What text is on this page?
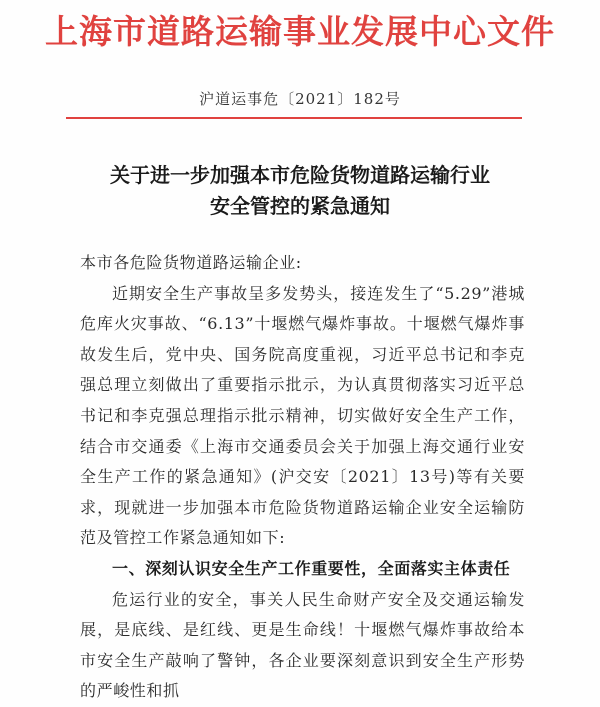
上海市道路运输事业发展中心文件
沪道运事危〔2021〕182号
关于进一步加强本市危险货物道路运输行业
安全管控的紧急通知

本市各危险货物道路运输企业:

近期安全生产事故呈多发势头，接连发生了“5.29”港城危库火灾事故、“6.13”十堰燃气爆炸事故。十堰燃气爆炸事故发生后，党中央、国务院高度重视，习近平总书记和李克强总理立刻做出了重要指示批示，为认真贯彻落实习近平总书记和李克强总理指示批示精神，切实做好安全生产工作，结合市交通委《上海市交通委员会关于加强上海交通行业安全生产工作的紧急通知》(沪交安〔2021〕13号)等有关要求，现就进一步加强本市危险货物道路运输企业安全运输防范及管控工作紧急通知如下:

一、深刻认识安全生产工作重要性，全面落实主体责任

危运行业的安全，事关人民生命财产安全及交通运输发展，是底线、是红线、更是生命线！十堰燃气爆炸事故给本市安全生产敲响了警钟，各企业要深刻意识到安全生产形势的严峻性和抓
